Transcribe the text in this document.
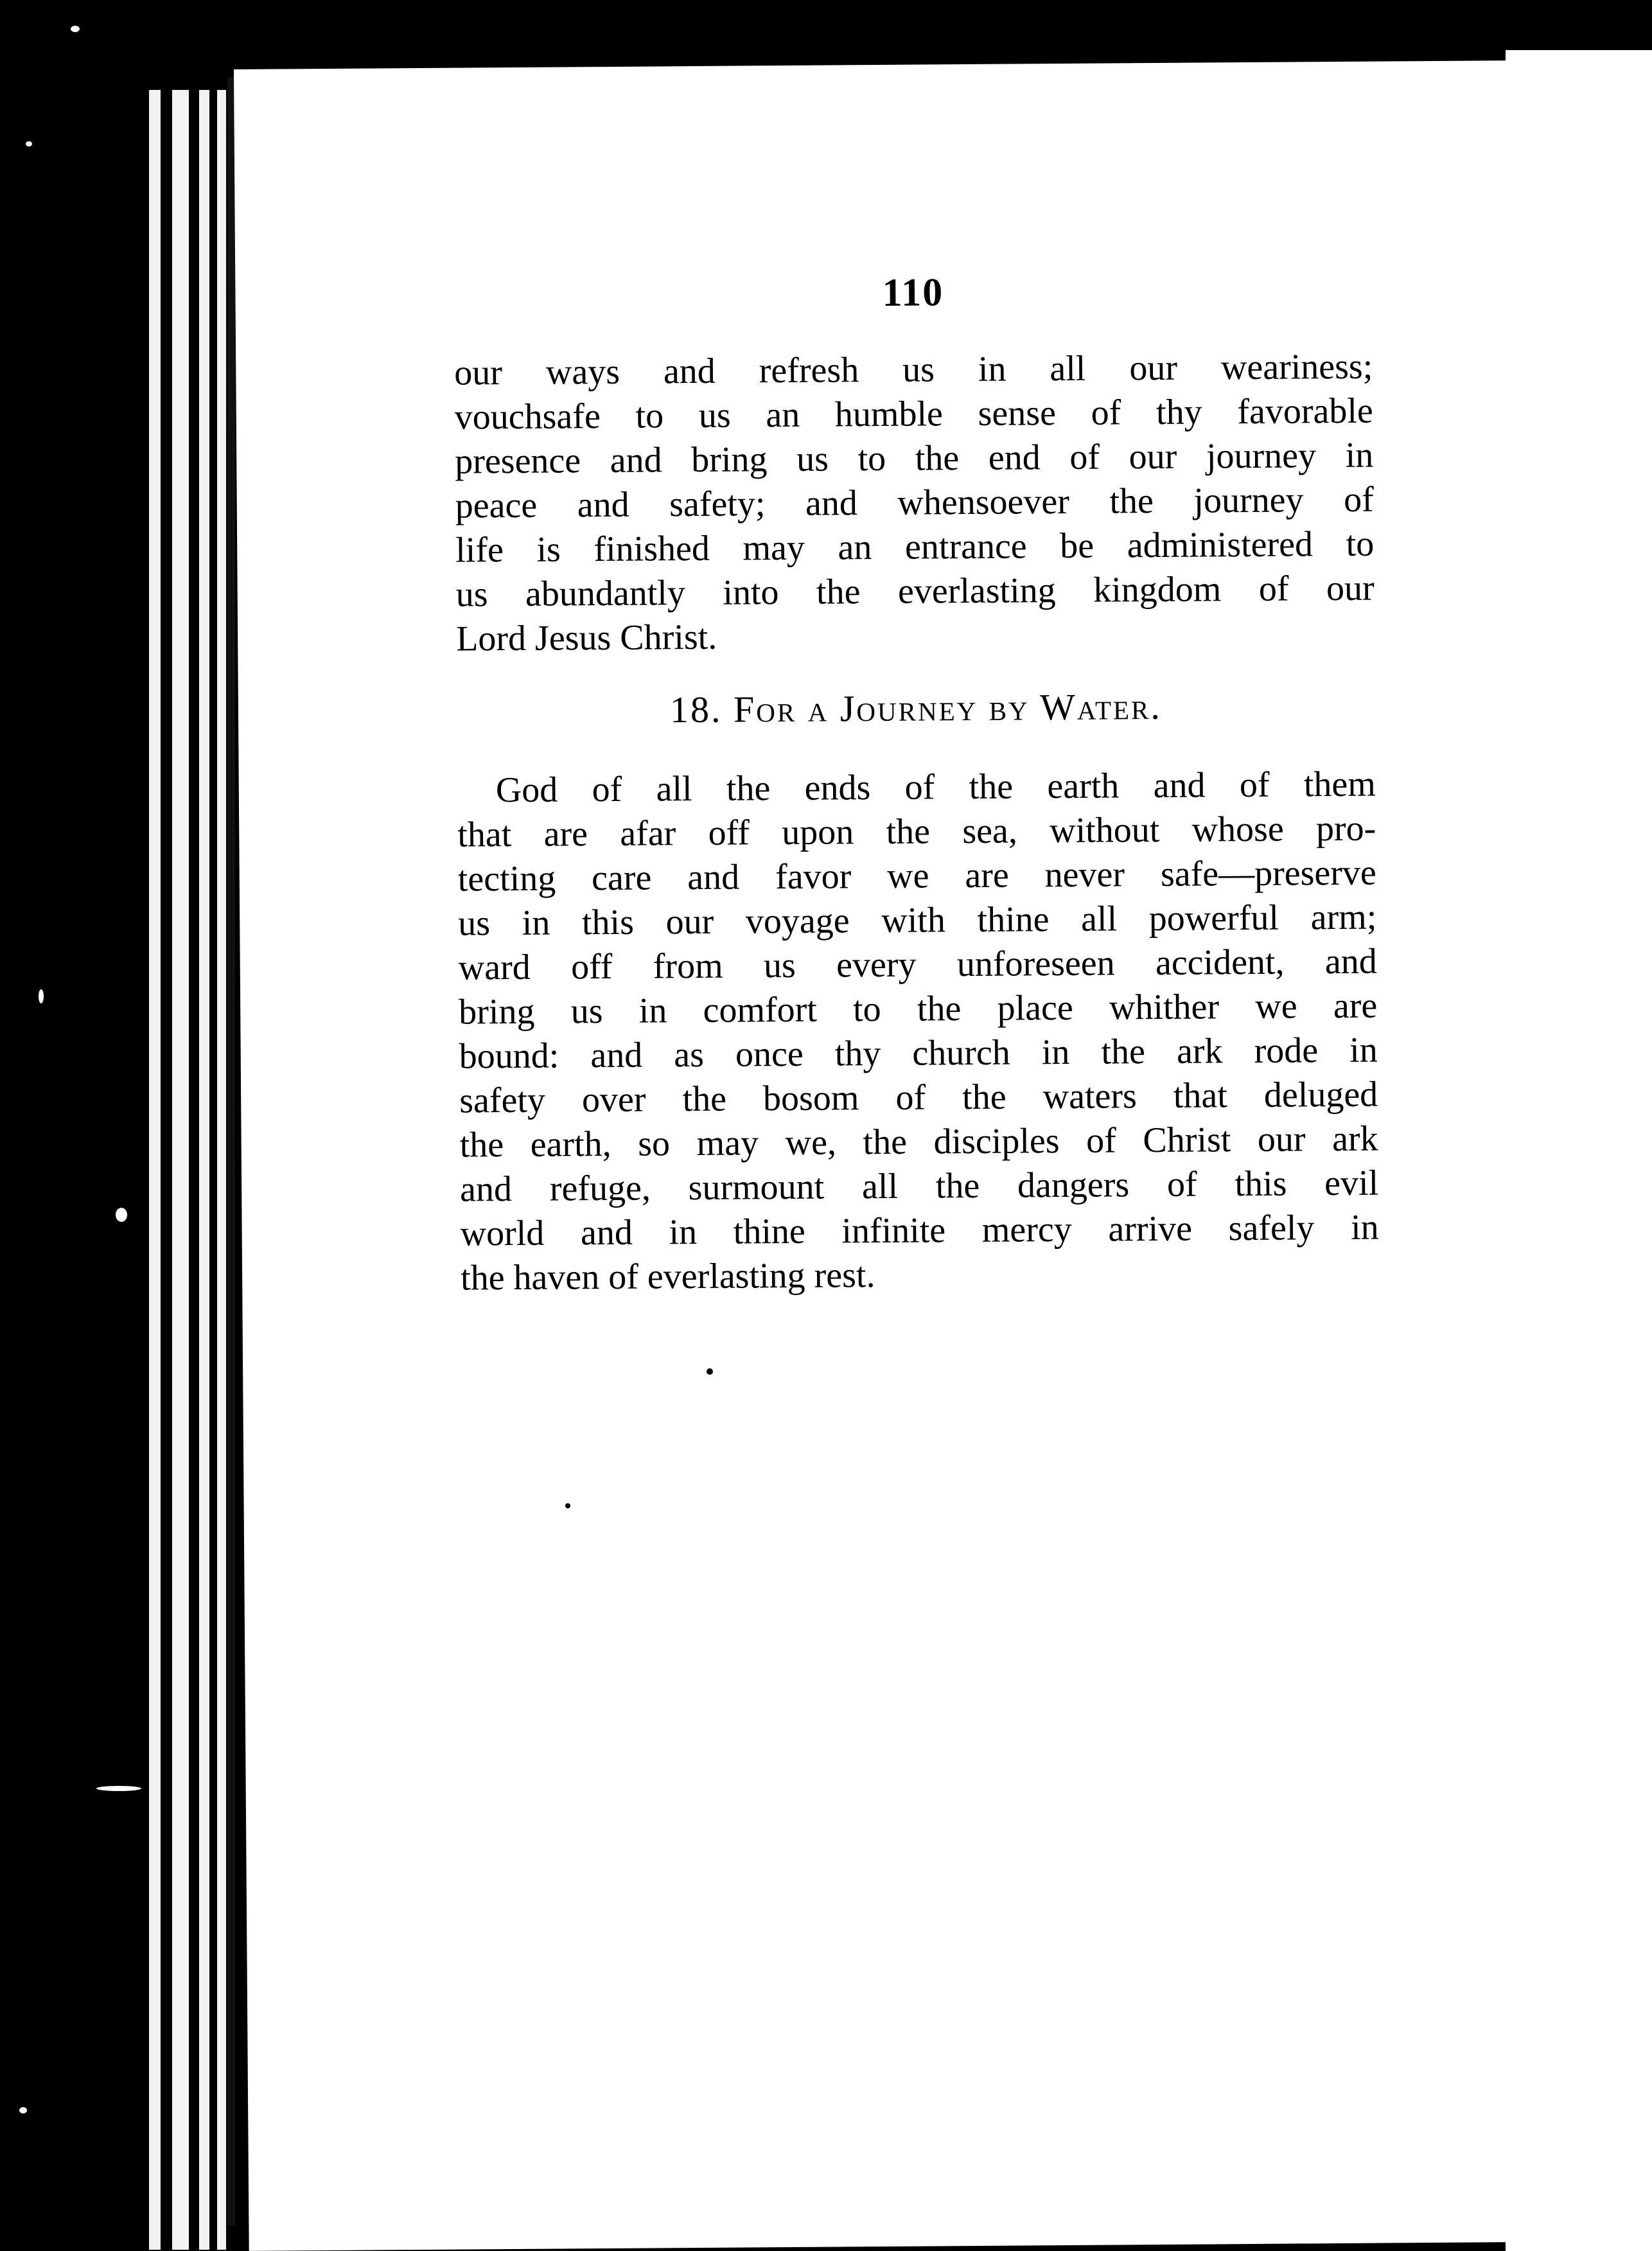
110
our ways and refresh us in all our weariness;
vouchsafe to us an humble sense of thy favorable
presence and bring us to the end of our journey in
peace and safety; and whensoever the journey of
life is finished may an entrance be administered to
us abundantly into the everlasting kingdom of our
Lord Jesus Christ.
18. For a Journey by Water.
God of all the ends of the earth and of them
that are afar off upon the sea, without whose pro-
tecting care and favor we are never safe—preserve
us in this our voyage with thine all powerful arm;
ward off from us every unforeseen accident, and
bring us in comfort to the place whither we are
bound: and as once thy church in the ark rode in
safety over the bosom of the waters that deluged
the earth, so may we, the disciples of Christ our ark
and refuge, surmount all the dangers of this evil
world and in thine infinite mercy arrive safely in
the haven of everlasting rest.
